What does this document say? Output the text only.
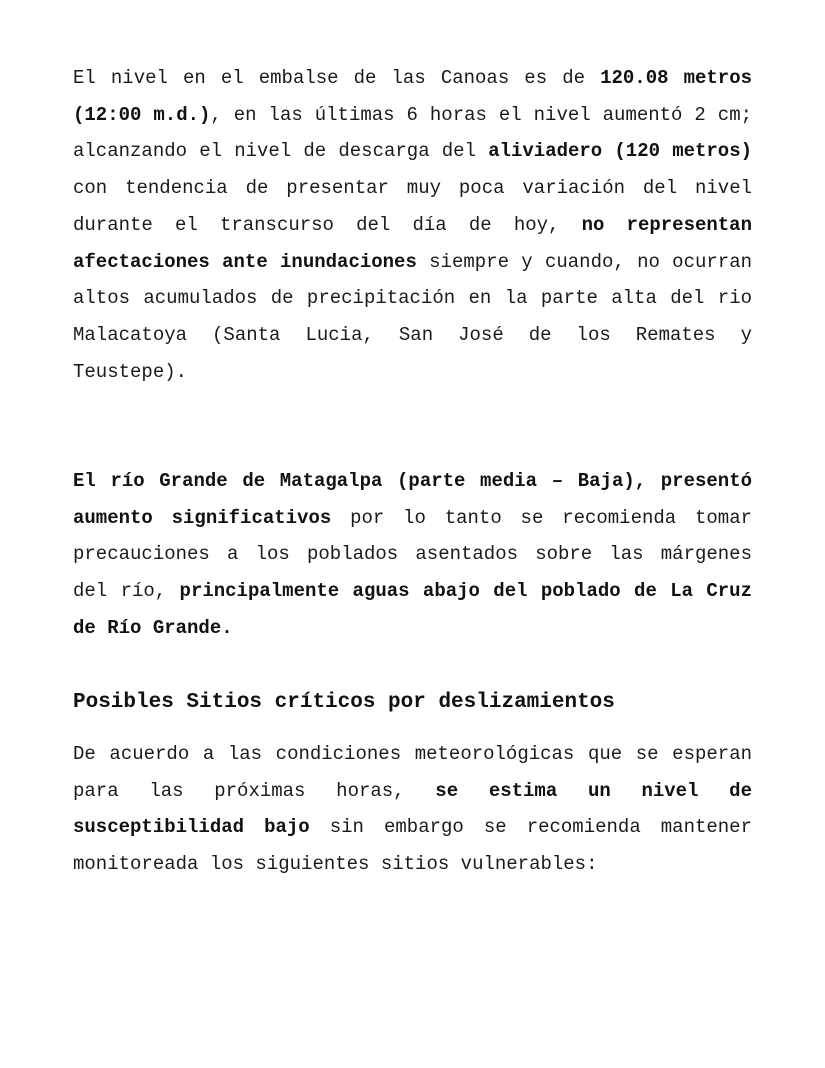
El nivel en el embalse de las Canoas es de 120.08 metros (12:00 m.d.), en las últimas 6 horas el nivel aumentó 2 cm; alcanzando el nivel de descarga del aliviadero (120 metros) con tendencia de presentar muy poca variación del nivel durante el transcurso del día de hoy, no representan afectaciones ante inundaciones siempre y cuando, no ocurran altos acumulados de precipitación en la parte alta del rio Malacatoya (Santa Lucia, San José de los Remates y Teustepe).

El río Grande de Matagalpa (parte media – Baja), presentó aumento significativos por lo tanto se recomienda tomar precauciones a los poblados asentados sobre las márgenes del río, principalmente aguas abajo del poblado de La Cruz de Río Grande.

Posibles Sitios críticos por deslizamientos

De acuerdo a las condiciones meteorológicas que se esperan para las próximas horas, se estima un nivel de susceptibilidad bajo sin embargo se recomienda mantener monitoreada los siguientes sitios vulnerables:
